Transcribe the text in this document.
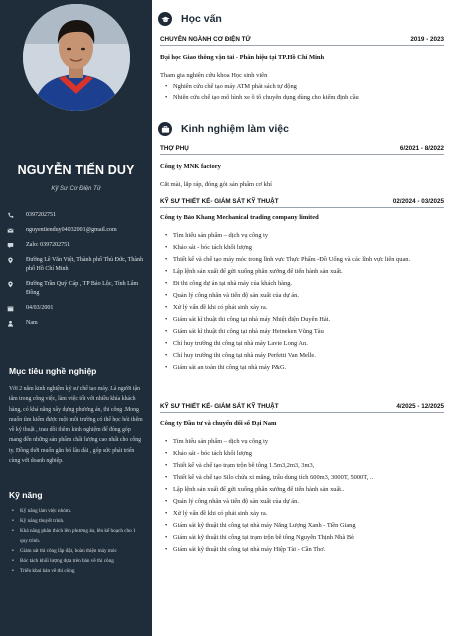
NGUYỄN TIẾN DUY
Kỹ Sư Cơ Điện Tử
0397202751
nguyentienduy04032001@gmail.com
Zalo: 0397202751
Đường Lê Văn Việt, Thành phố Thủ Đức, Thành phố Hồ Chí Minh
Đường Trần Quý Cáp , TP Bảo Lộc, Tỉnh Lâm Đồng
04/03/2001
Nam
Mục tiêu nghề nghiệp
Với 2 năm kinh nghiệm kỹ sư chế tạo máy. Là người tận tâm trong công việc, làm việc tốt với nhiều khía khách hàng, có khả năng xây dựng phương án, thi công .Mong muốn tìm kiếm được một môi trường có thể học hỏi thêm về kỹ thuật , trau dồi thêm kinh nghiệm để đóng góp mang đến những sản phẩm chất lượng cao nhất cho công ty. Đồng thời muốn gắn bó lâu dài , góp sức phát triển cùng với doanh nghiệp.
Kỹ năng
• Kỹ năng làm việc nhóm.
• Kỹ năng thuyết trình.
• Khả năng phân thích lên phương án, lên kế hoạch cho 1 quy trình.
• Giám sát thi công lắp đặt, hoàn thiện máy móc
• Bóc tách khối lượng dựa trên bản vẽ thi công
• Triển khai bản vẽ thi công
Học vấn
CHUYÊN NGÀNH CƠ ĐIỆN TỬ	2019 - 2023
Đại học Giao thông vận tải - Phân hiệu tại TP.Hồ Chí Minh
Tham gia nghiên cứu khoa Học sinh viên
• Nghiên cứu chế tạo máy ATM phát sách tự động
• Nhiên cứu chế tạo mô hình xe ô tô chuyên dụng dùng cho kiểm định cầu
Kinh nghiệm làm việc
THỢ PHỤ	6/2021 - 8/2022
Công ty MNK factory
Cắt mài, lắp ráp, đóng gói sản phẩm cơ khí
KỸ SƯ THIẾT KẾ- GIÁM SÁT KỸ THUẬT	02/2024 - 03/2025
Công ty Bảo Khang Mechanical trading company limited
• Tìm hiểu sản phẩm – dịch vụ công ty
• Khảo sát - bóc tách khối lượng
• Thiết kế và chế tạo máy móc trong lĩnh vực Thực Phẩm -Đồ Uống và các lĩnh vực liên quan.
• Lập lệnh sản xuất để gửi xuống phân xưởng để tiến hành sản xuất.
• Đi thi công dự án tại nhà máy của khách hàng.
• Quản lý công nhân và tiến độ sản xuất của dự án.
• Xử lý vấn đề khi có phát sinh xảy ra.
• Giám sát kĩ thuật thi công tại nhà máy Nhiệt điện Duyên Hải.
• Giám sát kĩ thuật thi công tại nhà máy Heineken Vũng Tàu
• Chỉ huy trưởng thi công tại nhà máy Lavie Long An.
• Chỉ huy trưởng thi công tại nhà máy Perfetti Van Melle.
• Giám sát an toàn thi công tại nhà máy P&G.
KỸ SƯ THIẾT KẾ- GIÁM SÁT KỸ THUẬT	4/2025 - 12/2025
Công ty Đầu tư và chuyển đổi số Đại Nam
• Tìm hiểu sản phẩm – dịch vụ công ty
• Khảo sát - bóc tách khối lượng
• Thiết kế và chế tạo trạm trộn bê tông 1.5m3,2m3, 3m3,
• Thiết kế và chế tạo Silo chứa xi măng, trấu dung tích 600m3, 3000T, 5000T, ..
• Lập lệnh sản xuất để gửi xuống phân xưởng để tiến hành sản xuất..
• Quản lý công nhân và tiến độ sản xuất của dự án.
• Xử lý vấn đề khi có phát sinh xảy ra.
• Giám sát kỹ thuật thi công tại nhà máy Năng Lượng Xanh - Tiền Giang
• Giám sát kỹ thuật thi công tại trạm trộn bê tông Nguyễn Thịnh Nhà Bè
• Giám sát kỹ thuật thi công tại nhà máy Hiệp Tài - Cần Thơ.
